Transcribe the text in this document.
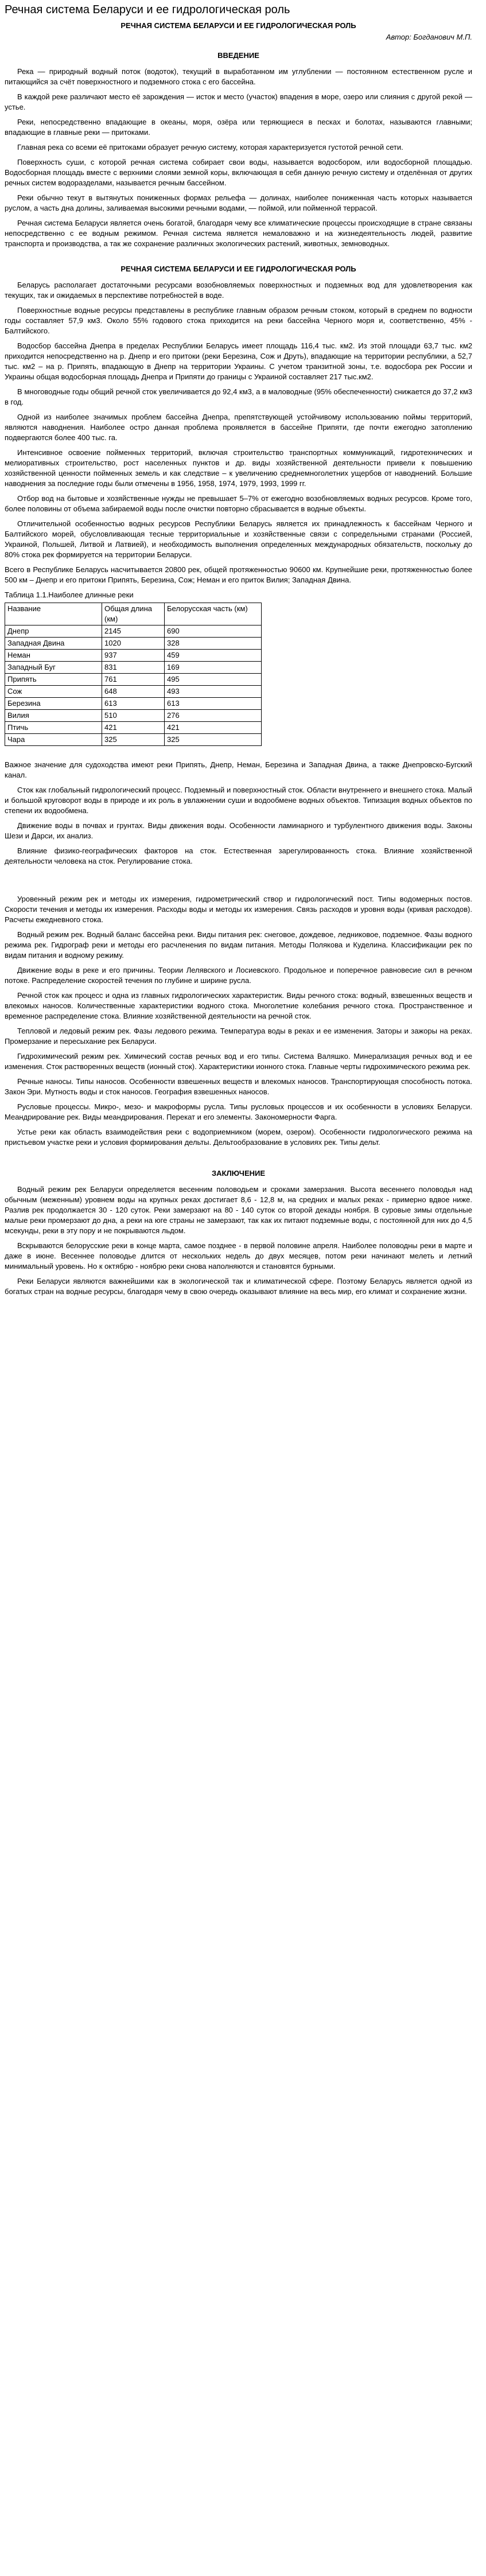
Речная система Беларуси и ее гидрологическая роль
РЕЧНАЯ СИСТЕМА БЕЛАРУСИ И ЕЕ ГИДРОЛОГИЧЕСКАЯ РОЛЬ
Автор: Богданович М.П.
ВВЕДЕНИЕ

Река — природный водный поток (водоток), текущий в выработанном им углублении — постоянном естественном русле и питающийся за счёт поверхностного и подземного стока с его бассейна.

В каждой реке различают место её зарождения — исток и место (участок) впадения в море, озеро или слияния с другой рекой — устье.

Реки, непосредственно впадающие в океаны, моря, озёра или теряющиеся в песках и болотах, называются главными; впадающие в главные реки — притоками.

Главная река со всеми её притоками образует речную систему, которая характеризуется густотой речной сети.

Поверхность суши, с которой речная система собирает свои воды, называется водосбором, или водосборной площадью. Водосборная площадь вместе с верхними слоями земной коры, включающая в себя данную речную систему и отделённая от других речных систем водоразделами, называется речным бассейном.

Реки обычно текут в вытянутых пониженных формах рельефа — долинах, наиболее пониженная часть которых называется руслом, а часть дна долины, заливаемая высокими речными водами, — поймой, или пойменной террасой.

Речная система Беларуси является очень богатой, благодаря чему все климатические процессы происходящие в стране связаны непосредственно с ее водным режимом. Речная система является немаловажно и на жизнедеятельность людей, развитие транспорта и производства, а так же сохранение различных экологических растений, животных, земноводных.

РЕЧНАЯ СИСТЕМА БЕЛАРУСИ И ЕЕ ГИДРОЛОГИЧЕСКАЯ РОЛЬ

Беларусь располагает достаточными ресурсами возобновляемых поверхностных и подземных вод для удовлетворения как текущих, так и ожидаемых в перспективе потребностей в воде.

Поверхностные водные ресурсы представлены в республике главным образом речным стоком, который в среднем по водности годы составляет 57,9 км3. Около 55% годового стока приходится на реки бассейна Черного моря и, соответственно, 45% - Балтийского.

Водосбор бассейна Днепра в пределах Республики Беларусь имеет площадь 116,4 тыс. км2. Из этой площади 63,7 тыс. км2 приходится непосредственно на р. Днепр и его притоки (реки Березина, Сож и Друть), впадающие на территории республики, а 52,7 тыс. км2 – на р. Припять, впадающую в Днепр на территории Украины. С учетом транзитной зоны, т.е. водосбора рек России и Украины общая водосборная площадь Днепра и Припяти до границы с Украиной составляет 217 тыс.км2.

В многоводные годы общий речной сток увеличивается до 92,4 км3, а в маловодные (95% обеспеченности) снижается до 37,2 км3 в год.

Одной из наиболее значимых проблем бассейна Днепра, препятствующей устойчивому использованию поймы территорий, являются наводнения. Наиболее остро данная проблема проявляется в бассейне Припяти, где почти ежегодно затоплению подвергаются более 400 тыс. га.

Интенсивное освоение пойменных территорий, включая строительство транспортных коммуникаций, гидротехнических и мелиоративных строительство, рост населенных пунктов и др. виды хозяйственной деятельности привели к повышению хозяйственной ценности пойменных земель и как следствие – к увеличению среднемноголетних ущербов от наводнений. Большие наводнения за последние годы были отмечены в 1956, 1958, 1974, 1979, 1993, 1999 гг.

Отбор вод на бытовые и хозяйственные нужды не превышает 5–7% от ежегодно возобновляемых водных ресурсов. Кроме того, более половины от объема забираемой воды после очистки повторно сбрасывается в водные объекты.

Отличительной особенностью водных ресурсов Республики Беларусь является их принадлежность к бассейнам Черного и Балтийского морей, обусловливающая тесные территориальные и хозяйственные связи с сопредельными странами (Россией, Украиной, Польшей, Литвой и Латвией), и необходимость выполнения определенных международных обязательств, поскольку до 80% стока рек формируется на территории Беларуси.

Всего в Республике Беларусь насчитывается 20800 рек, общей протяженностью 90600 км. Крупнейшие реки, протяженностью более 500 км – Днепр и его притоки Припять, Березина, Сож; Неман и его приток Вилия; Западная Двина.

Таблица 1.1.Наиболее длинные реки
Название	Общая длина (км)	Белорусская часть (км)
Днепр	2145	690
Западная Двина	1020	328
Неман	937	459
Западный Буг	831	169
Припять	761	495
Сож	648	493
Березина	613	613
Вилия	510	276
Птичь	421	421
Чара	325	325

Важное значение для судоходства имеют реки Припять, Днепр, Неман, Березина и Западная Двина, а также Днепровско-Бугский канал.

Сток как глобальный гидрологический процесс. Подземный и поверхностный сток. Области внутреннего и внешнего стока. Малый и большой круговорот воды в природе и их роль в увлажнении суши и водообмене водных объектов. Типизация водных объектов по степени их водообмена.

Движение воды в почвах и грунтах. Виды движения воды. Особенности ламинарного и турбулентного движения воды. Законы Шези и Дарси, их анализ.

Влияние физико-географических факторов на сток. Естественная зарегулированность стока. Влияние хозяйственной деятельности человека на сток. Регулирование стока.

Уровенный режим рек и методы их измерения, гидрометрический створ и гидрологический пост. Типы водомерных постов. Скорости течения и методы их измерения. Расходы воды и методы их измерения. Связь расходов и уровня воды (кривая расходов). Расчеты ежедневного стока.

Водный режим рек. Водный баланс бассейна реки. Виды питания рек: снеговое, дождевое, ледниковое, подземное. Фазы водного режима рек. Гидрограф реки и методы его расчленения по видам питания. Методы Полякова и Куделина. Классификации рек по видам питания и водному режиму.

Движение воды в реке и его причины. Теории Лелявского и Лосиевского. Продольное и поперечное равновесие сил в речном потоке. Распределение скоростей течения по глубине и ширине русла.

Речной сток как процесс и одна из главных гидрологических характеристик. Виды речного стока: водный, взвешенных веществ и влекомых наносов. Количественные характеристики водного стока. Многолетние колебания речного стока. Пространственное и временное распределение стока. Влияние хозяйственной деятельности на речной сток.

Тепловой и ледовый режим рек. Фазы ледового режима. Температура воды в реках и ее изменения. Заторы и зажоры на реках. Промерзание и пересыхание рек Беларуси.

Гидрохимический режим рек. Химический состав речных вод и его типы. Система Валяшко. Минерализация речных вод и ее изменения. Сток растворенных веществ (ионный сток). Характеристики ионного стока. Главные черты гидрохимического режима рек.

Речные наносы. Типы наносов. Особенности взвешенных веществ и влекомых наносов. Транспортирующая способность потока. Закон Эри. Мутность воды и сток наносов. География взвешенных наносов.

Русловые процессы. Микро-, мезо- и макроформы русла. Типы русловых процессов и их особенности в условиях Беларуси. Меандрирование рек. Виды меандрирования. Перекат и его элементы. Закономерности Фарга.

Устье реки как область взаимодействия реки с водоприемником (морем, озером). Особенности гидрологического режима на пристьевом участке реки и условия формирования дельты. Дельтообразование в условиях рек. Типы дельт.

ЗАКЛЮЧЕНИЕ

Водный режим рек Беларуси определяется весенним половодьем и сроками замерзания. Высота весеннего половодья над обычным (меженным) уровнем воды на крупных реках достигает 8,6 - 12,8 м, на средних и малых реках - примерно вдвое ниже. Разлив рек продолжается 30 - 120 суток. Реки замерзают на 80 - 140 суток со второй декады ноября. В суровые зимы отдельные малые реки промерзают до дна, а реки на юге страны не замерзают, так как их питают подземные воды, с постоянной для них до 4,5 мсекунды, реки в эту пору и не покрываются льдом.

Вскрываются белорусские реки в конце марта, самое позднее - в первой половине апреля. Наиболее половодны реки в марте и даже в июне. Весеннее половодье длится от нескольких недель до двух месяцев, потом реки начинают мелеть и летний минимальный уровень. Но к октябрю - ноябрю реки снова наполняются и становятся бурными.

Реки Беларуси являются важнейшими как в экологической так и климатической сфере. Поэтому Беларусь является одной из богатых стран на водные ресурсы, благодаря чему в свою очередь оказывают влияние на весь мир, его климат и сохранение жизни.
